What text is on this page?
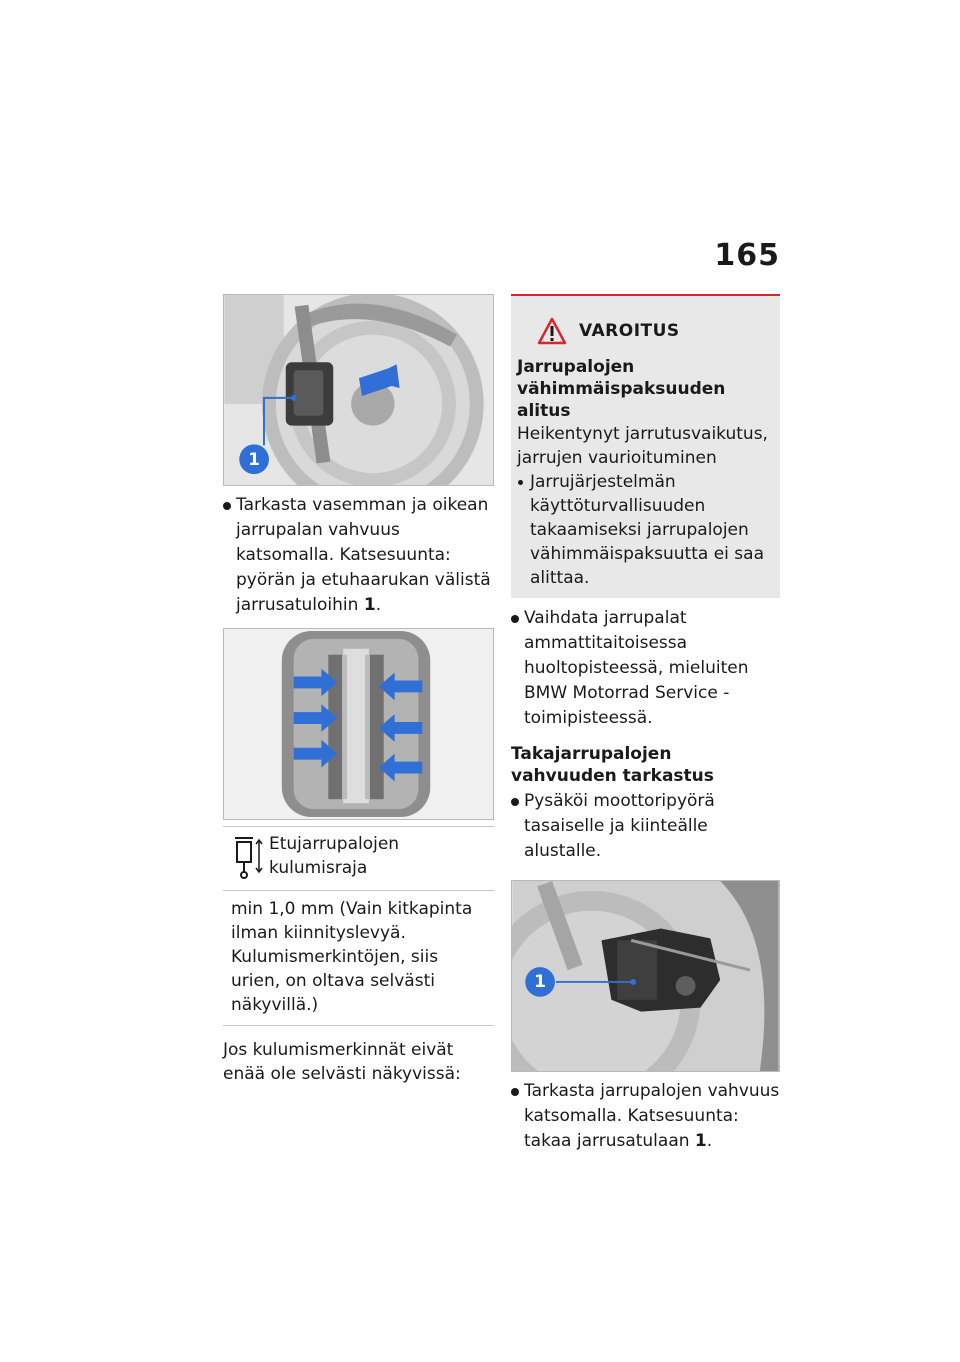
165
1
Tarkasta vasemman ja oikean jarrupalan vahvuus katsomalla. Katsesuunta: pyörän ja etuhaarukan välistä jarrusatuloihin 1.
Etujarrupalojen kulumisraja
min 1,0 mm (Vain kitkapinta ilman kiinnityslevyä. Kulumismerkintöjen, siis urien, on oltava selvästi näkyvillä.)
Jos kulumismerkinnät eivät enää ole selvästi näkyvissä:
VAROITUS
Jarrupalojen vähimmäispaksuuden alitus
Heikentynyt jarrutusvaikutus, jarrujen vaurioituminen
Jarrujärjestelmän käyttöturvallisuuden takaamiseksi jarrupalojen vähimmäispaksuutta ei saa alittaa.
Vaihdata jarrupalat ammattitaitoisessa huoltopisteessä, mieluiten BMW Motorrad Service -toimipisteessä.
Takajarrupalojen vahvuuden tarkastus
Pysäköi moottoripyörä tasaiselle ja kiinteälle alustalle.
1
Tarkasta jarrupalojen vahvuus katsomalla. Katsesuunta: takaa jarrusatulaan 1.
